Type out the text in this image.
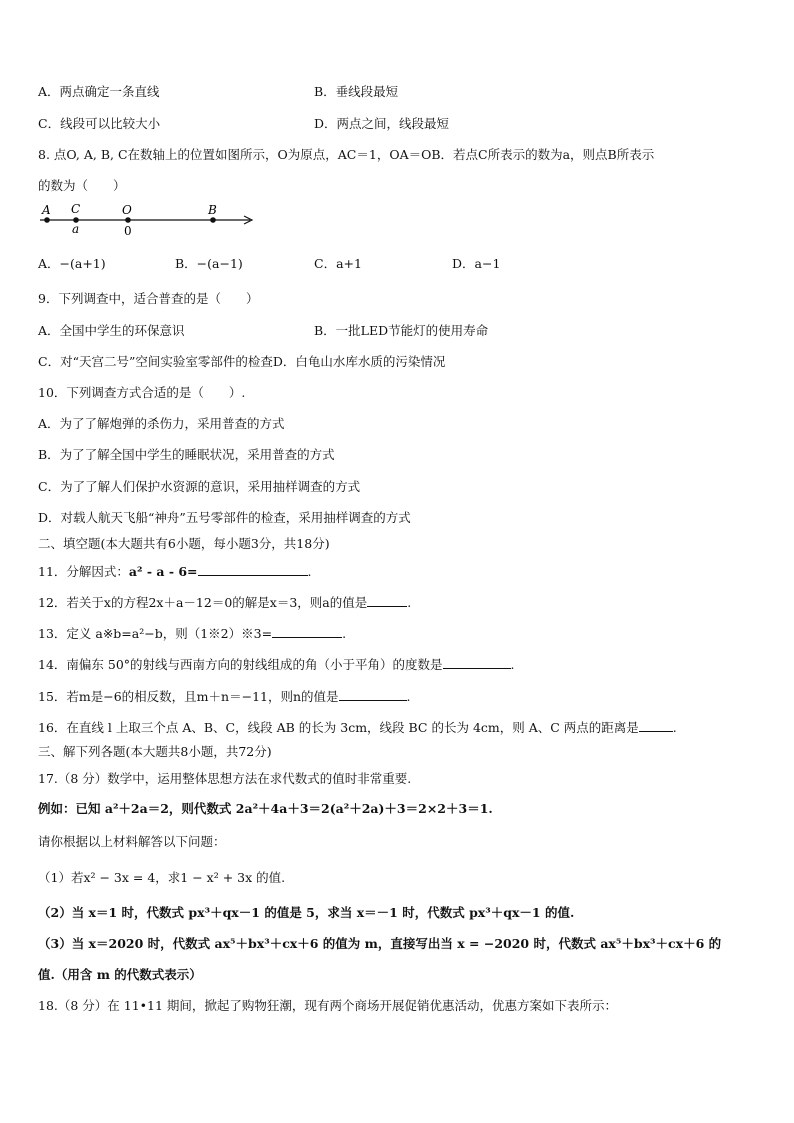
A．两点确定一条直线	B．垂线段最短
C．线段可以比较大小	D．两点之间，线段最短
8. 点O, A, B, C在数轴上的位置如图所示，O为原点，AC＝1，OA＝OB．若点C所表示的数为a，则点B所表示
的数为（　　）
A C	O	B
a	0
A．−(a+1)	B．−(a−1)	C．a+1	D．a−1
9．下列调查中，适合普查的是（　　）
A．全国中学生的环保意识	B．一批LED节能灯的使用寿命
C．对“天宫二号”空间实验室零部件的检查D．白龟山水库水质的污染情况
10．下列调查方式合适的是（　　）.
A．为了了解炮弹的杀伤力，采用普查的方式
B．为了了解全国中学生的睡眠状况，采用普查的方式
C．为了了解人们保护水资源的意识，采用抽样调查的方式
D．对载人航天飞船“神舟”五号零部件的检查，采用抽样调查的方式
二、填空题(本大题共有6小题，每小题3分，共18分)
11．分解因式：a² - a - 6=	.
12．若关于x的方程2x＋a－12＝0的解是x＝3，则a的值是	.
13．定义 a※b=a²−b，则（1※2）※3=	.
14．南偏东 50°的射线与西南方向的射线组成的角（小于平角）的度数是	.
15．若m是−6的相反数，且m＋n＝−11，则n的值是	.
16．在直线 l 上取三个点 A、B、C，线段 AB 的长为 3cm，线段 BC 的长为 4cm，则 A、C 两点的距离是	.
三、解下列各题(本大题共8小题，共72分)
17.（8 分）数学中，运用整体思想方法在求代数式的值时非常重要.
例如：已知 a²＋2a＝2，则代数式 2a²＋4a＋3＝2(a²＋2a)＋3＝2×2＋3＝1.
请你根据以上材料解答以下问题：
（1）若x² − 3x = 4，求1 − x² + 3x 的值.
（2）当 x＝1 时，代数式 px³＋qx－1 的值是 5，求当 x＝－1 时，代数式 px³＋qx－1 的值.
（3）当 x＝2020 时，代数式 ax⁵＋bx³＋cx＋6 的值为 m，直接写出当 x = −2020 时，代数式 ax⁵＋bx³＋cx＋6 的
值.（用含 m 的代数式表示）
18.（8 分）在 11•11 期间，掀起了购物狂潮，现有两个商场开展促销优惠活动，优惠方案如下表所示：
